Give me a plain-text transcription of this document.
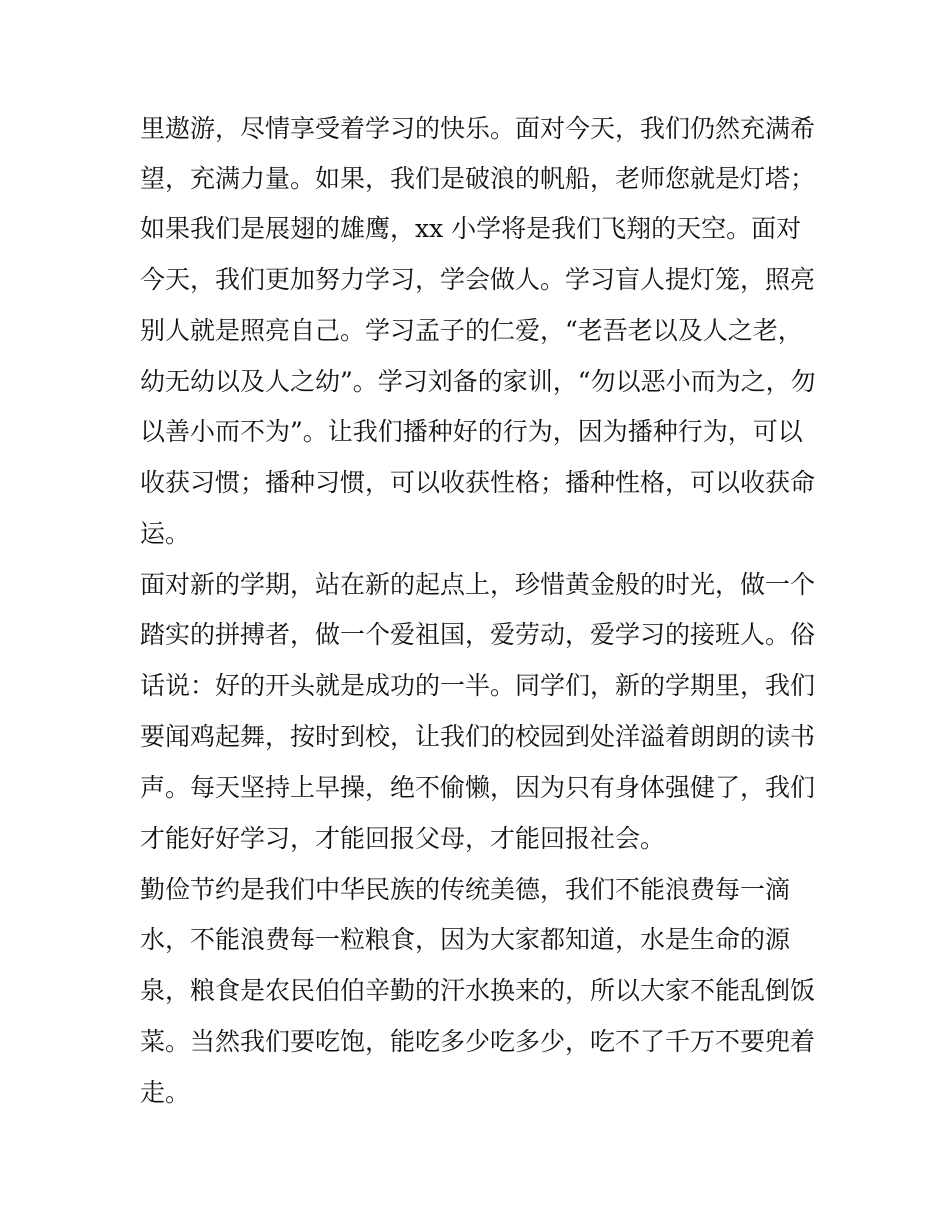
里遨游，尽情享受着学习的快乐。面对今天，我们仍然充满希

望，充满力量。如果，我们是破浪的帆船，老师您就是灯塔；

如果我们是展翅的雄鹰，xx 小学将是我们飞翔的天空。面对

今天，我们更加努力学习，学会做人。学习盲人提灯笼，照亮

别人就是照亮自己。学习孟子的仁爱，“老吾老以及人之老，

幼无幼以及人之幼”。学习刘备的家训，“勿以恶小而为之，勿

以善小而不为”。让我们播种好的行为，因为播种行为，可以

收获习惯；播种习惯，可以收获性格；播种性格，可以收获命

运。

面对新的学期，站在新的起点上，珍惜黄金般的时光，做一个

踏实的拼搏者，做一个爱祖国，爱劳动，爱学习的接班人。俗

话说：好的开头就是成功的一半。同学们，新的学期里，我们

要闻鸡起舞，按时到校，让我们的校园到处洋溢着朗朗的读书

声。每天坚持上早操，绝不偷懒，因为只有身体强健了，我们

才能好好学习，才能回报父母，才能回报社会。

勤俭节约是我们中华民族的传统美德，我们不能浪费每一滴

水，不能浪费每一粒粮食，因为大家都知道，水是生命的源

泉，粮食是农民伯伯辛勤的汗水换来的，所以大家不能乱倒饭

菜。当然我们要吃饱，能吃多少吃多少，吃不了千万不要兜着

走。
